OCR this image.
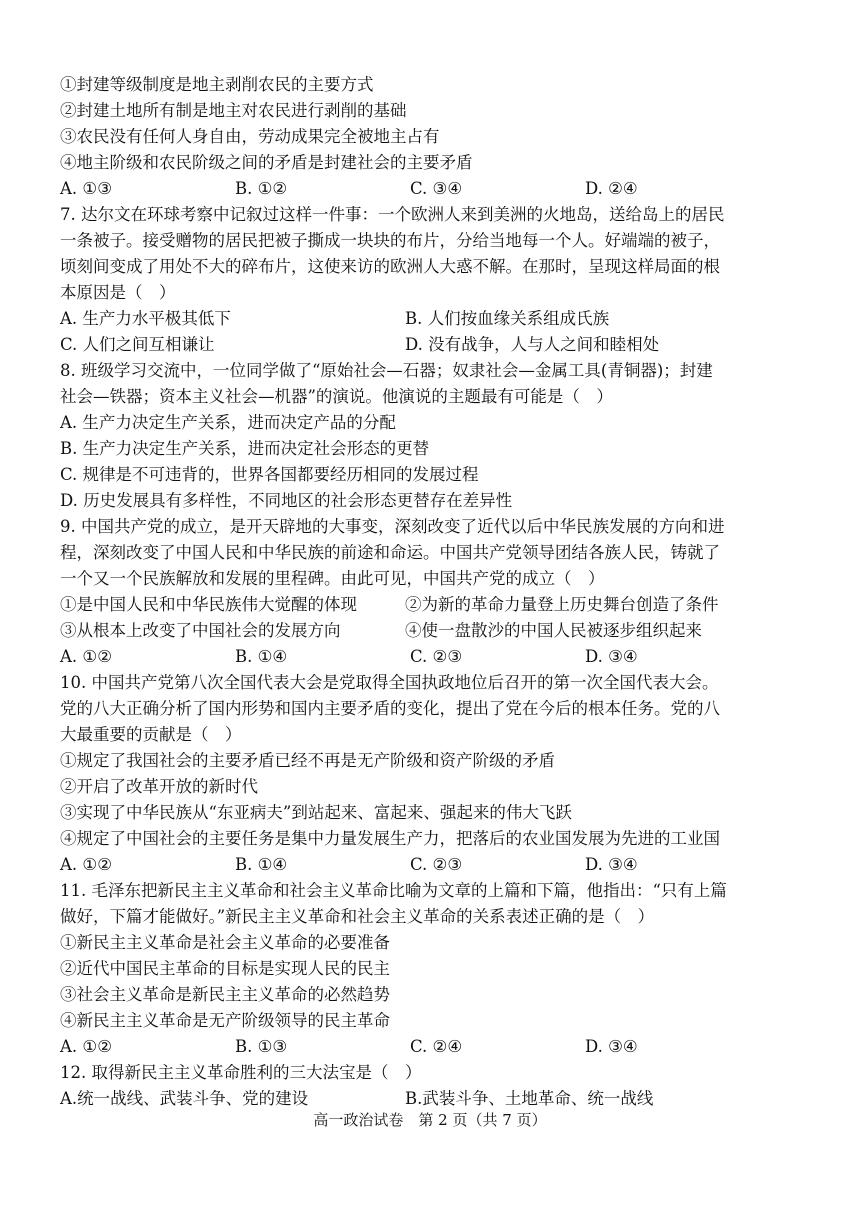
①封建等级制度是地主剥削农民的主要方式
②封建土地所有制是地主对农民进行剥削的基础
③农民没有任何人身自由，劳动成果完全被地主占有
④地主阶级和农民阶级之间的矛盾是封建社会的主要矛盾
A. ①③	B. ①②	C. ③④	D. ②④
7. 达尔文在环球考察中记叙过这样一件事：一个欧洲人来到美洲的火地岛，送给岛上的居民
一条被子。接受赠物的居民把被子撕成一块块的布片，分给当地每一个人。好端端的被子，
顷刻间变成了用处不大的碎布片，这使来访的欧洲人大惑不解。在那时，呈现这样局面的根
本原因是（　）
A. 生产力水平极其低下	B. 人们按血缘关系组成氏族
C. 人们之间互相谦让	D. 没有战争，人与人之间和睦相处
8. 班级学习交流中，一位同学做了“原始社会—石器；奴隶社会—金属工具(青铜器)；封建
社会—铁器；资本主义社会—机器”的演说。他演说的主题最有可能是（　）
A. 生产力决定生产关系，进而决定产品的分配
B. 生产力决定生产关系，进而决定社会形态的更替
C. 规律是不可违背的，世界各国都要经历相同的发展过程
D. 历史发展具有多样性，不同地区的社会形态更替存在差异性
9. 中国共产党的成立，是开天辟地的大事变，深刻改变了近代以后中华民族发展的方向和进
程，深刻改变了中国人民和中华民族的前途和命运。中国共产党领导团结各族人民，铸就了
一个又一个民族解放和发展的里程碑。由此可见，中国共产党的成立（　）
①是中国人民和中华民族伟大觉醒的体现	②为新的革命力量登上历史舞台创造了条件
③从根本上改变了中国社会的发展方向	④使一盘散沙的中国人民被逐步组织起来
A. ①②	B. ①④	C. ②③	D. ③④
10. 中国共产党第八次全国代表大会是党取得全国执政地位后召开的第一次全国代表大会。
党的八大正确分析了国内形势和国内主要矛盾的变化，提出了党在今后的根本任务。党的八
大最重要的贡献是（　）
①规定了我国社会的主要矛盾已经不再是无产阶级和资产阶级的矛盾
②开启了改革开放的新时代
③实现了中华民族从“东亚病夫”到站起来、富起来、强起来的伟大飞跃
④规定了中国社会的主要任务是集中力量发展生产力，把落后的农业国发展为先进的工业国
A. ①②	B. ①④	C. ②③	D. ③④
11. 毛泽东把新民主主义革命和社会主义革命比喻为文章的上篇和下篇，他指出：“只有上篇
做好，下篇才能做好。”新民主主义革命和社会主义革命的关系表述正确的是（　）
①新民主主义革命是社会主义革命的必要准备
②近代中国民主革命的目标是实现人民的民主
③社会主义革命是新民主主义革命的必然趋势
④新民主主义革命是无产阶级领导的民主革命
A. ①②	B. ①③	C. ②④	D. ③④
12. 取得新民主主义革命胜利的三大法宝是（　）
A.统一战线、武装斗争、党的建设	B.武装斗争、土地革命、统一战线
高一政治试卷　第 2 页（共 7 页）
